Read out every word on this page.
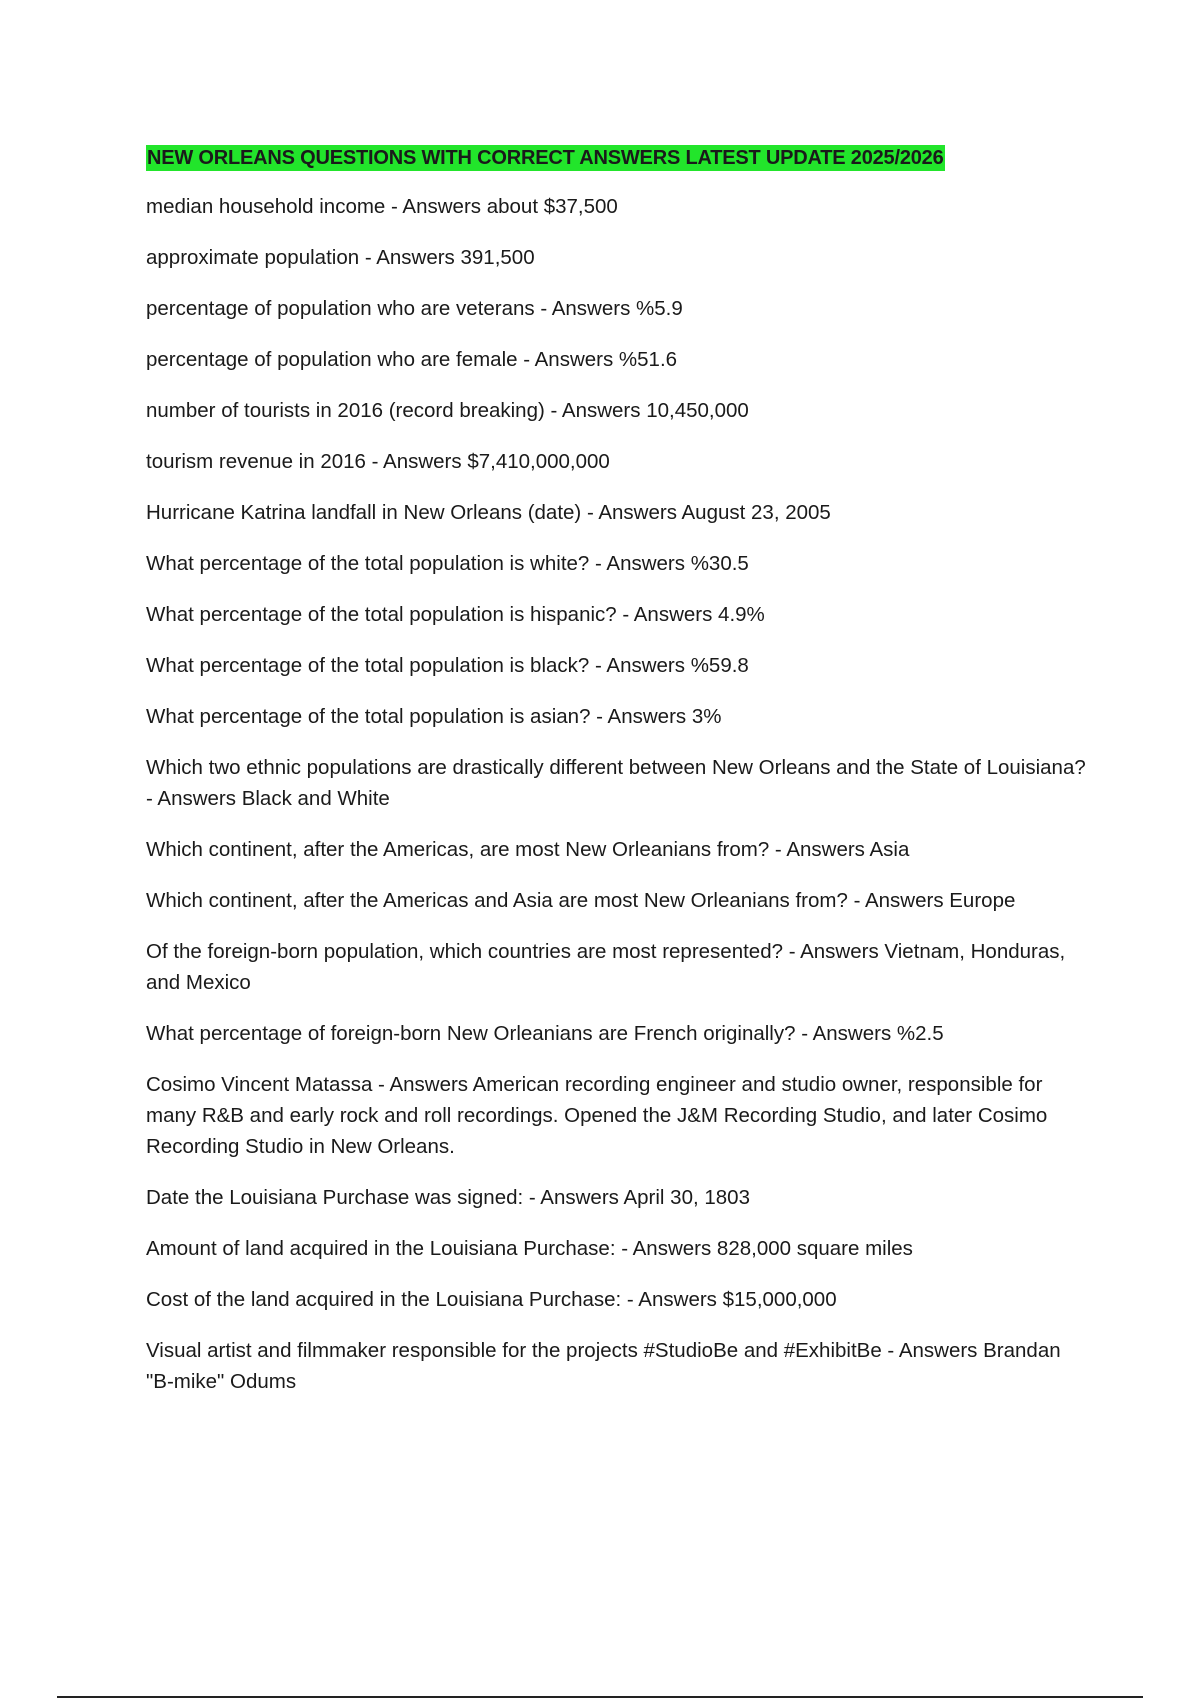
NEW ORLEANS QUESTIONS WITH CORRECT ANSWERS LATEST UPDATE 2025/2026

median household income - Answers about $37,500

approximate population - Answers 391,500

percentage of population who are veterans - Answers %5.9

percentage of population who are female - Answers %51.6

number of tourists in 2016 (record breaking) - Answers 10,450,000

tourism revenue in 2016 - Answers $7,410,000,000

Hurricane Katrina landfall in New Orleans (date) - Answers August 23, 2005

What percentage of the total population is white? - Answers %30.5

What percentage of the total population is hispanic? - Answers 4.9%

What percentage of the total population is black? - Answers %59.8

What percentage of the total population is asian? - Answers 3%

Which two ethnic populations are drastically different between New Orleans and the State of Louisiana? - Answers Black and White

Which continent, after the Americas, are most New Orleanians from? - Answers Asia

Which continent, after the Americas and Asia are most New Orleanians from? - Answers Europe

Of the foreign-born population, which countries are most represented? - Answers Vietnam, Honduras, and Mexico

What percentage of foreign-born New Orleanians are French originally? - Answers %2.5

Cosimo Vincent Matassa - Answers American recording engineer and studio owner, responsible for many R&B and early rock and roll recordings. Opened the J&M Recording Studio, and later Cosimo Recording Studio in New Orleans.

Date the Louisiana Purchase was signed: - Answers April 30, 1803

Amount of land acquired in the Louisiana Purchase: - Answers 828,000 square miles

Cost of the land acquired in the Louisiana Purchase: - Answers $15,000,000

Visual artist and filmmaker responsible for the projects #StudioBe and #ExhibitBe - Answers Brandan "B-mike" Odums
